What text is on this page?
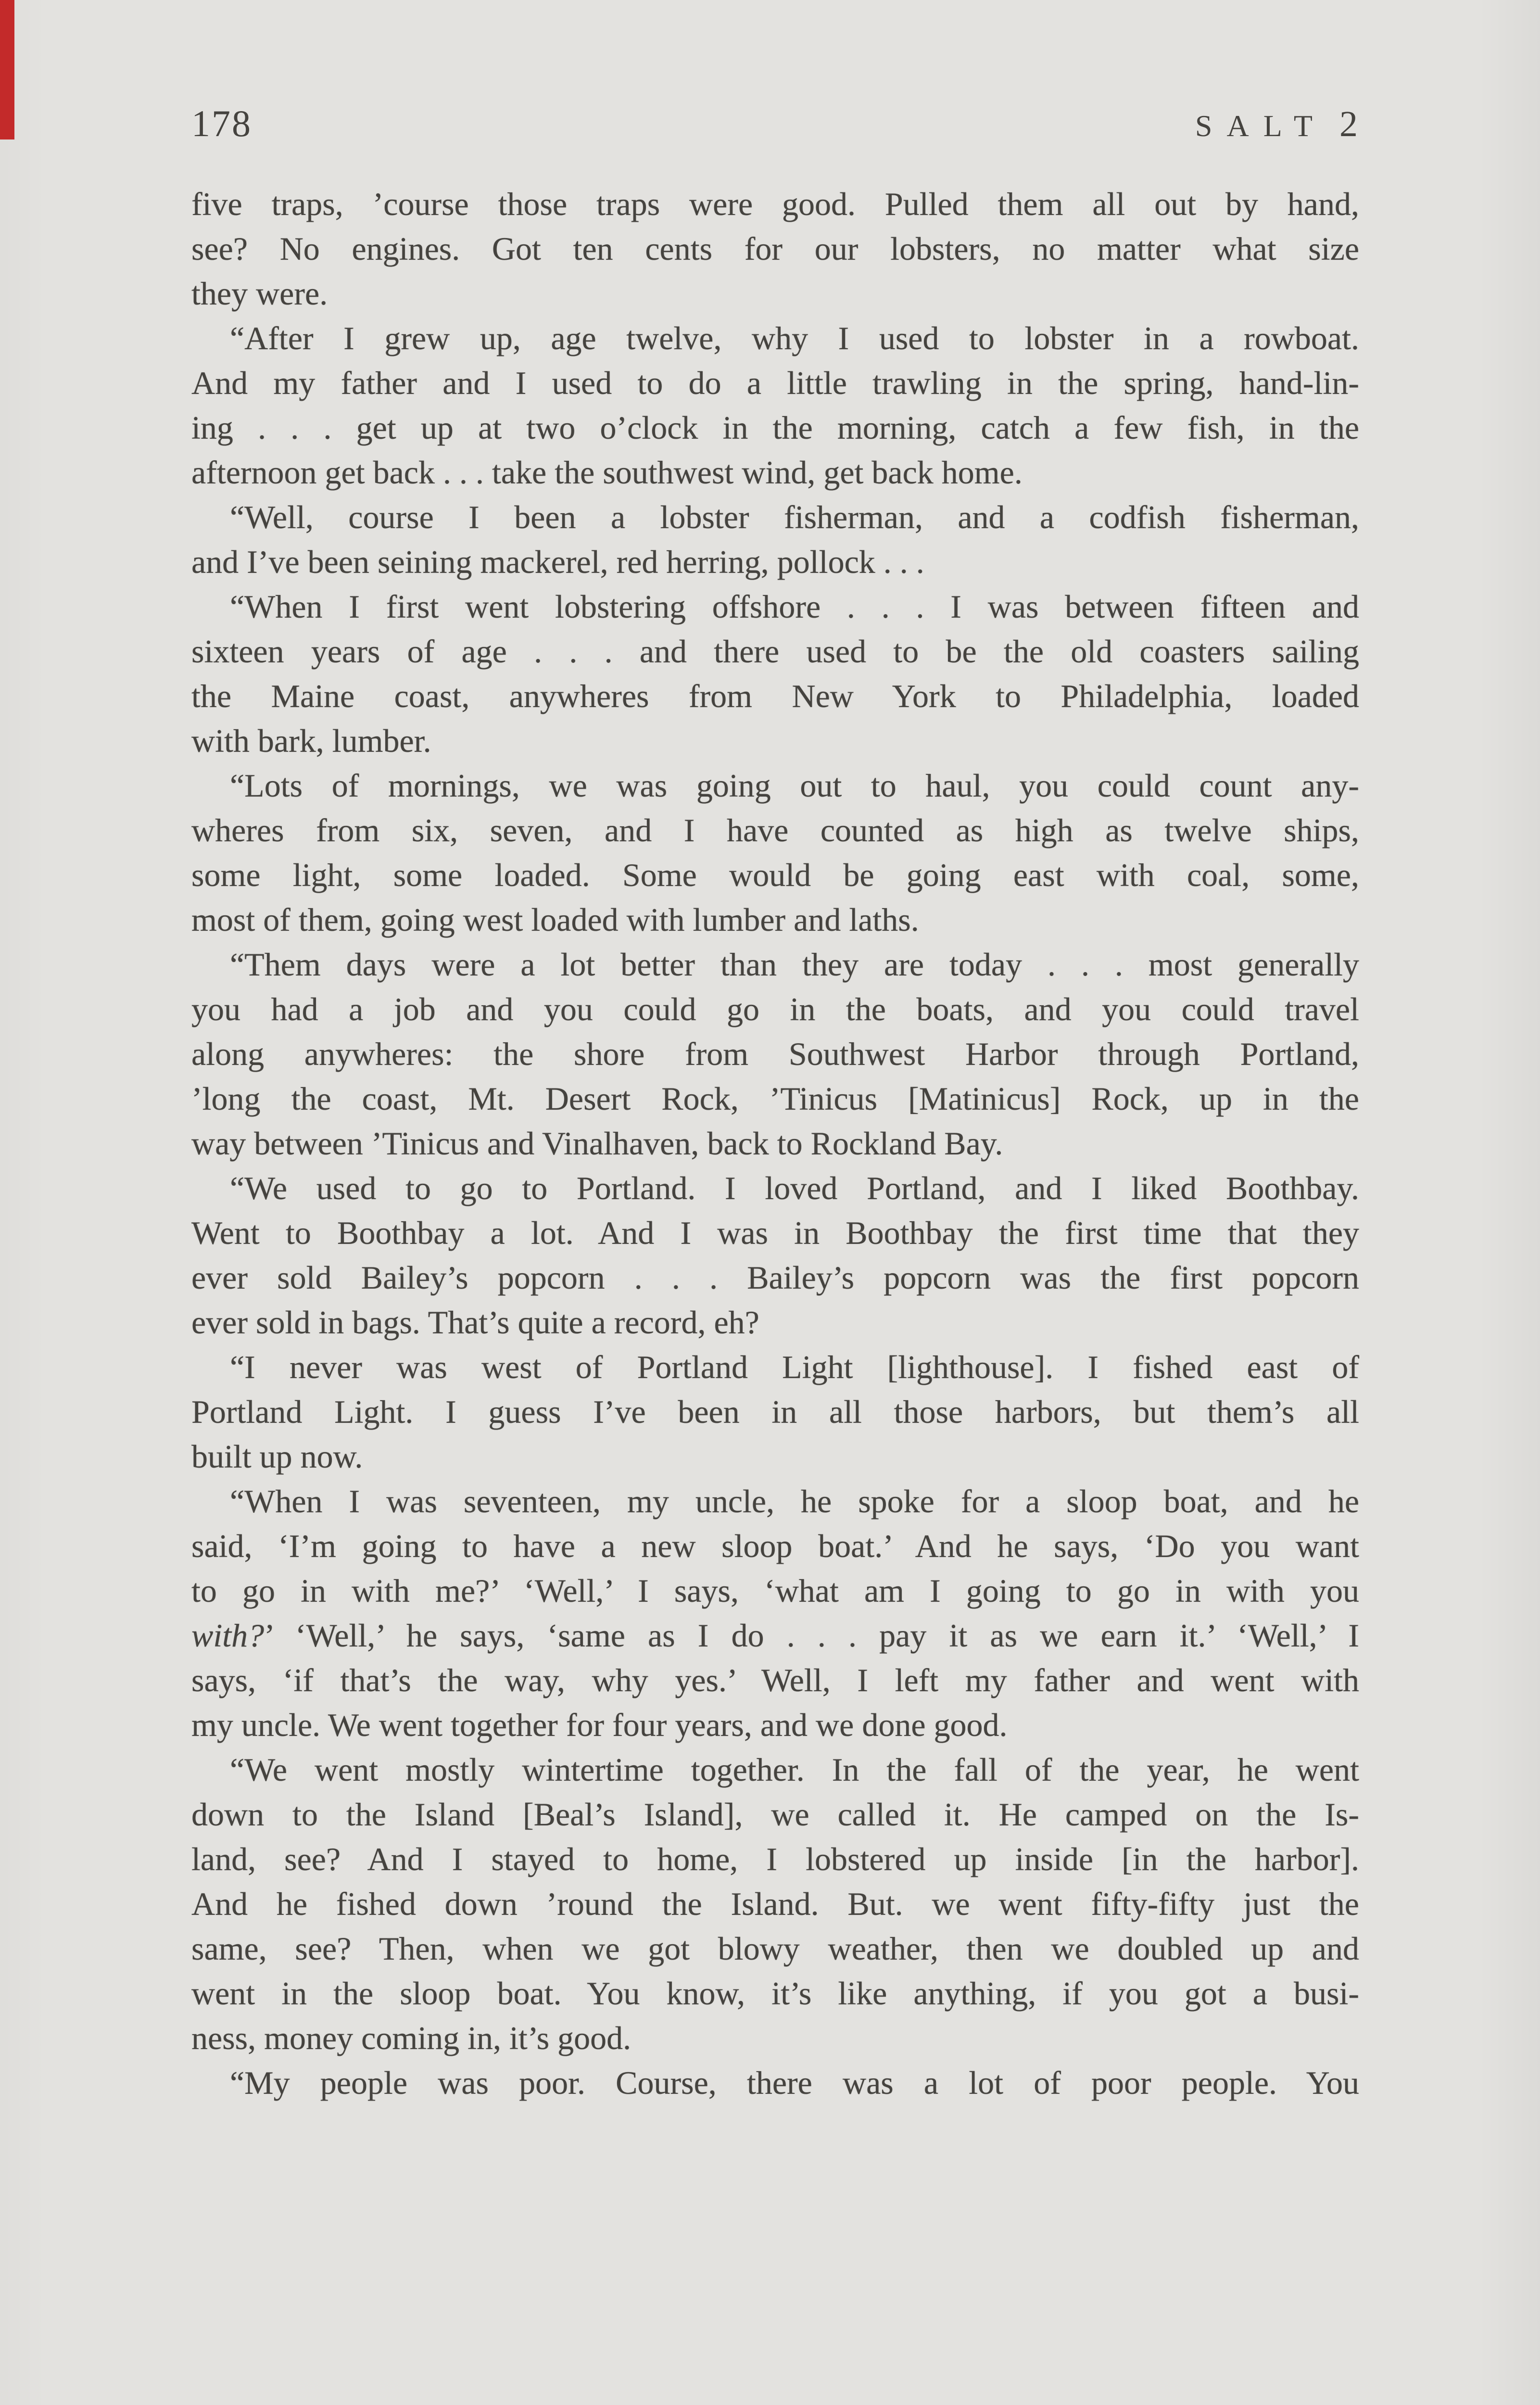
178	SALT 2
five traps, ’course those traps were good. Pulled them all out by hand,
see? No engines. Got ten cents for our lobsters, no matter what size
they were.
“After I grew up, age twelve, why I used to lobster in a rowboat.
And my father and I used to do a little trawling in the spring, hand-lin-
ing . . . get up at two o’clock in the morning, catch a few fish, in the
afternoon get back . . . take the southwest wind, get back home.
“Well, course I been a lobster fisherman, and a codfish fisherman,
and I’ve been seining mackerel, red herring, pollock . . .
“When I first went lobstering offshore . . . I was between fifteen and
sixteen years of age . . . and there used to be the old coasters sailing
the Maine coast, anywheres from New York to Philadelphia, loaded
with bark, lumber.
“Lots of mornings, we was going out to haul, you could count any-
wheres from six, seven, and I have counted as high as twelve ships,
some light, some loaded. Some would be going east with coal, some,
most of them, going west loaded with lumber and laths.
“Them days were a lot better than they are today . . . most generally
you had a job and you could go in the boats, and you could travel
along anywheres: the shore from Southwest Harbor through Portland,
’long the coast, Mt. Desert Rock, ’Tinicus [Matinicus] Rock, up in the
way between ’Tinicus and Vinalhaven, back to Rockland Bay.
“We used to go to Portland. I loved Portland, and I liked Boothbay.
Went to Boothbay a lot. And I was in Boothbay the first time that they
ever sold Bailey’s popcorn . . . Bailey’s popcorn was the first popcorn
ever sold in bags. That’s quite a record, eh?
“I never was west of Portland Light [lighthouse]. I fished east of
Portland Light. I guess I’ve been in all those harbors, but them’s all
built up now.
“When I was seventeen, my uncle, he spoke for a sloop boat, and he
said, ‘I’m going to have a new sloop boat.’ And he says, ‘Do you want
to go in with me?’ ‘Well,’ I says, ‘what am I going to go in with you
with?’ ‘Well,’ he says, ‘same as I do . . . pay it as we earn it.’ ‘Well,’ I
says, ‘if that’s the way, why yes.’ Well, I left my father and went with
my uncle. We went together for four years, and we done good.
“We went mostly wintertime together. In the fall of the year, he went
down to the Island [Beal’s Island], we called it. He camped on the Is-
land, see? And I stayed to home, I lobstered up inside [in the harbor].
And he fished down ’round the Island. But. we went fifty-fifty just the
same, see? Then, when we got blowy weather, then we doubled up and
went in the sloop boat. You know, it’s like anything, if you got a busi-
ness, money coming in, it’s good.
“My people was poor. Course, there was a lot of poor people. You
